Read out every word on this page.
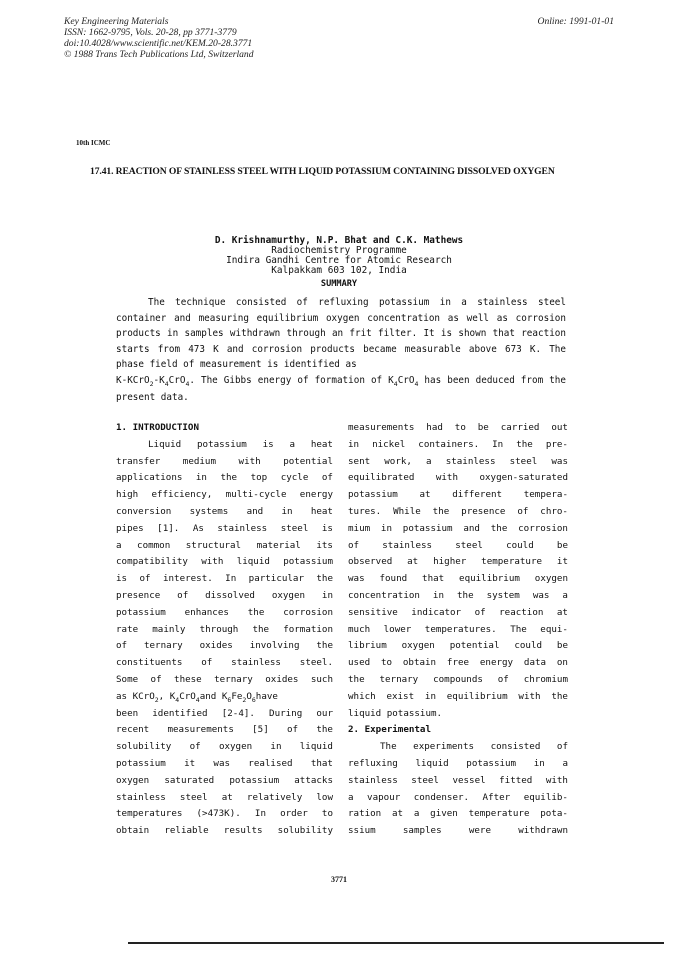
Key Engineering Materials
ISSN: 1662-9795, Vols. 20-28, pp 3771-3779
doi:10.4028/www.scientific.net/KEM.20-28.3771
© 1988 Trans Tech Publications Ltd, Switzerland
Online: 1991-01-01
10th ICMC
17.41. REACTION OF STAINLESS STEEL WITH LIQUID POTASSIUM CONTAINING DISSOLVED OXYGEN
D. Krishnamurthy, N.P. Bhat and C.K. Mathews
Radiochemistry Programme
Indira Gandhi Centre for Atomic Research
Kalpakkam 603 102, India
SUMMARY
The technique consisted of refluxing potassium in a stainless steel container and measuring equilibrium oxygen concentration as well as corrosion products in samples withdrawn through an frit filter. It is shown that reaction starts from 473 K and corrosion products became measurable above 673 K. The phase field of measurement is identified as
$K-KCrO_2-K_4CrO_4$. The Gibbs energy of formation of $K_4CrO_4$ has been deduced from the present data.
1. INTRODUCTION
Liquid potassium is a heat
transfer medium with potential
applications in the top cycle of
high efficiency, multi-cycle energy
conversion systems and in heat
pipes [1]. As stainless steel is
a common structural material its
compatibility with liquid potassium
is of interest. In particular the
presence of dissolved oxygen in
potassium enhances the corrosion
rate mainly through the formation
of ternary oxides involving the
constituents of stainless steel.
Some of these ternary oxides such
as KCrO2, K4CrO4and K6Fe2O6have
been identified [2-4]. During our
recent measurements [5] of the
solubility of oxygen in liquid
potassium it was realised that
oxygen saturated potassium attacks
stainless steel at relatively low
temperatures (>473K). In order to
obtain reliable results solubility
measurements had to be carried out
in nickel containers. In the pre-
sent work, a stainless steel was
equilibrated with oxygen-saturated
potassium at different tempera-
tures. While the presence of chro-
mium in potassium and the corrosion
of	stainless	steel	could	be
observed at higher temperature it
was found that equilibrium oxygen
concentration in the system was a
sensitive indicator of reaction at
much lower temperatures. The equi-
librium oxygen potential could be
used to obtain free energy data on
the ternary compounds of chromium
which exist in equilibrium with the
liquid potassium.
2. Experimental
The experiments consisted of
refluxing liquid potassium in a
stainless steel vessel fitted with
a vapour condenser. After equilib-
ration at a given temperature pota-
ssium	samples	were	withdrawn
3771
